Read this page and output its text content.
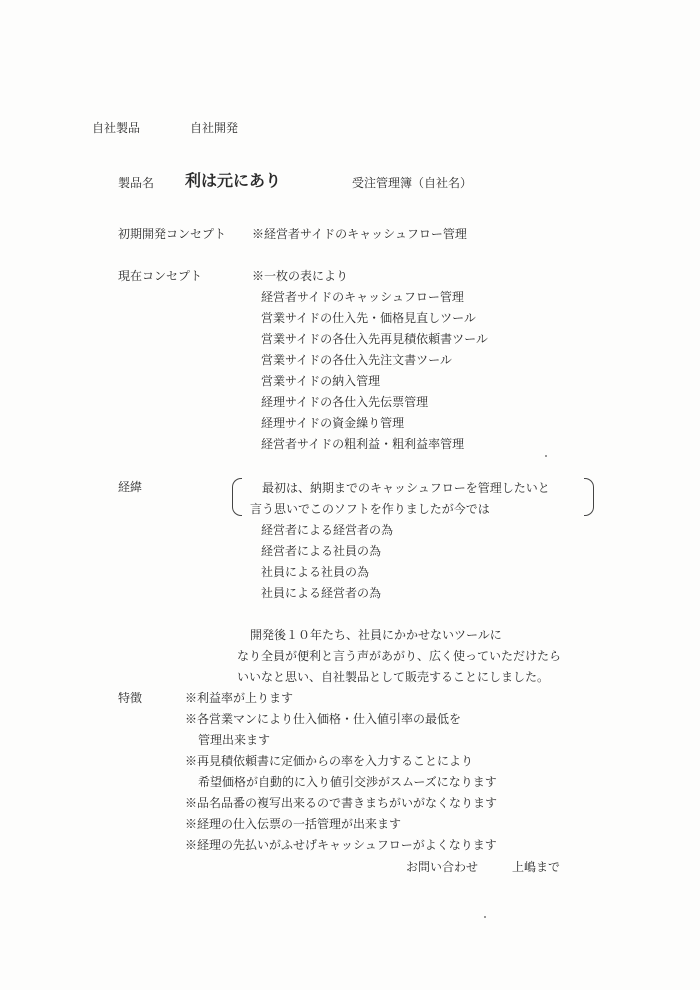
自社製品	自社開発
製品名 利は元にあり	受注管理簿（自社名）
初期開発コンセプト ※経営者サイドのキャッシュフロー管理
現在コンセプト	※一枚の表により
経営者サイドのキャッシュフロー管理
営業サイドの仕入先・価格見直しツール
営業サイドの各仕入先再見積依頼書ツール
営業サイドの各仕入先注文書ツール
営業サイドの納入管理
経理サイドの各仕入先伝票管理
経理サイドの資金繰り管理
経営者サイドの粗利益・粗利益率管理
経緯	最初は、納期までのキャッシュフローを管理したいと
言う思いでこのソフトを作りましたが今では
経営者による経営者の為
経営者による社員の為
社員による社員の為
社員による経営者の為
開発後１０年たち、社員にかかせないツールに
なり全員が便利と言う声があがり、広く使っていただけたら
いいなと思い、自社製品として販売することにしました。
特徴	※利益率が上ります
※各営業マンにより仕入価格・仕入値引率の最低を
管理出来ます
※再見積依頼書に定価からの率を入力することにより
希望価格が自動的に入り値引交渉がスムーズになります
※品名品番の複写出来るので書きまちがいがなくなります
※経理の仕入伝票の一括管理が出来ます
※経理の先払いがふせげキャッシュフローがよくなります
お問い合わせ	上嶋まで
